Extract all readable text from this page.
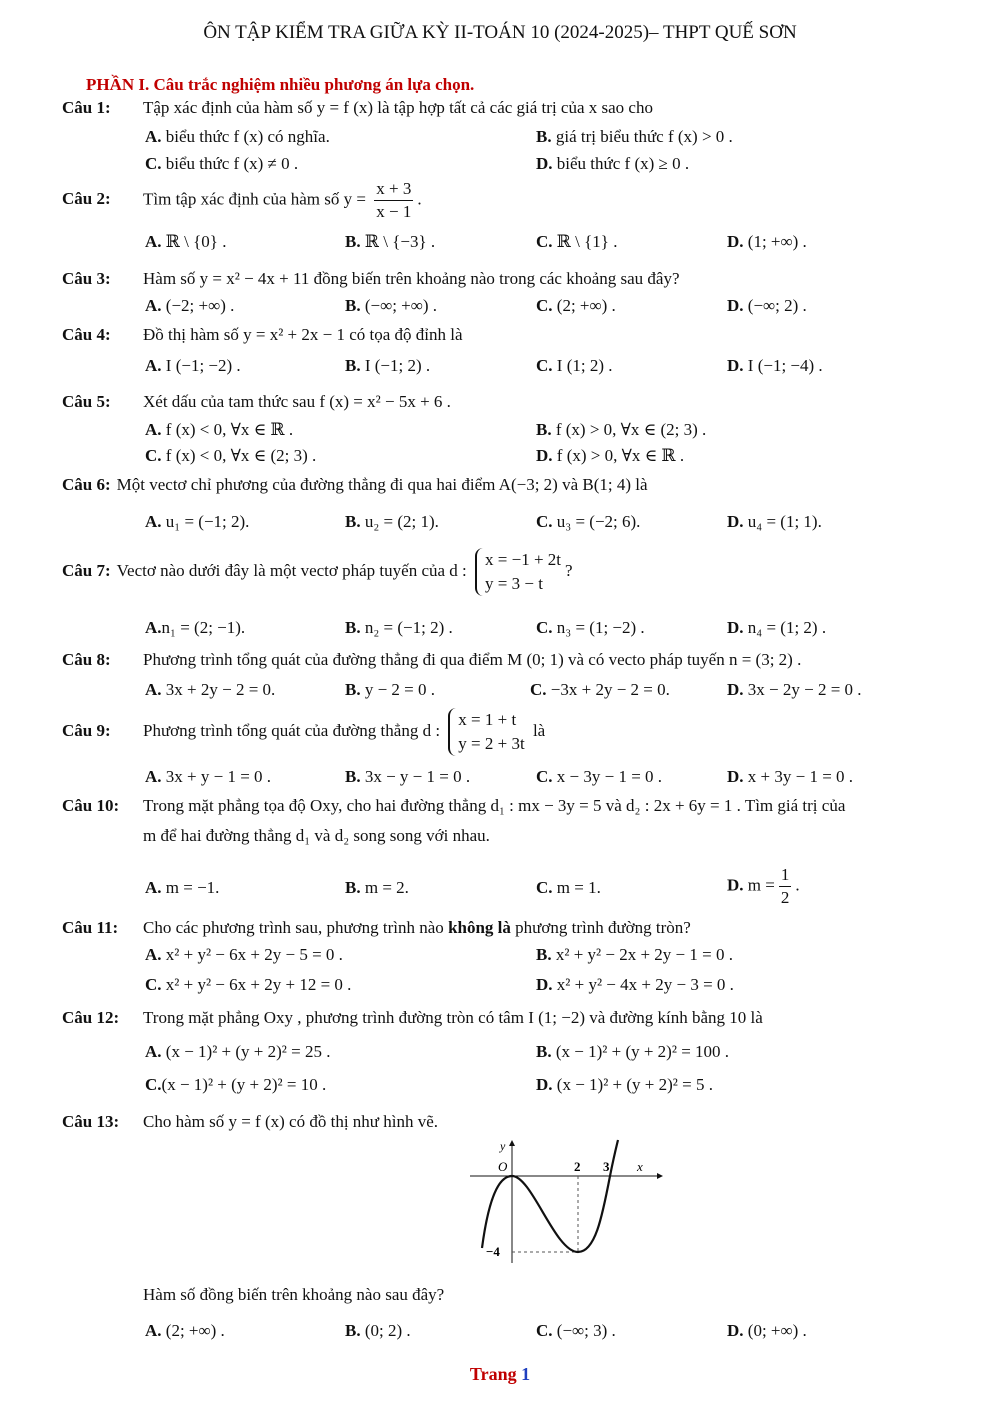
ÔN TẬP KIỂM TRA GIỮA KỲ II-TOÁN 10 (2024-2025)– THPT QUẾ SƠN
PHẦN I. Câu trắc nghiệm nhiều phương án lựa chọn.
Câu 1: Tập xác định của hàm số y = f (x) là tập hợp tất cả các giá trị của x sao cho
A. biểu thức f (x) có nghĩa.	B. giá trị biểu thức f (x) > 0 .
C. biểu thức f (x) ≠ 0 .	D. biểu thức f (x) ≥ 0 .
Câu 2: Tìm tập xác định của hàm số $y = \frac{x + 3}{x - 1}$ .
A. ℝ \ {0} .	B. ℝ \ {−3} .	C. ℝ \ {1} .	D. (1; +∞) .
Câu 3: Hàm số y = x² − 4x + 11 đồng biến trên khoảng nào trong các khoảng sau đây?
A. (−2; +∞) .	B. (−∞; +∞) .	C. (2; +∞) .	D. (−∞; 2) .
Câu 4: Đồ thị hàm số y = x² + 2x − 1 có tọa độ đỉnh là
A. I (−1; −2) .	B. I (−1; 2) .	C. I (1; 2) .	D. I (−1; −4) .
Câu 5: Xét dấu của tam thức sau f (x) = x² − 5x + 6 .
A. f (x) < 0, ∀x ∈ ℝ .	B. f (x) > 0, ∀x ∈ (2; 3) .
C. f (x) < 0, ∀x ∈ (2; 3) .	D. f (x) > 0, ∀x ∈ ℝ .
Câu 6: Một vectơ chỉ phương của đường thẳng đi qua hai điểm A(−3; 2) và B(1; 4) là
A. u₁ = (−1; 2).	B. u₂ = (2; 1).	C. u₃ = (−2; 6).	D. u₄ = (1; 1).
Câu 7: Vectơ nào dưới đây là một vectơ pháp tuyến của d :
x = −1 + 2t
y = 3 − t
?
A.n₁ = (2; −1).	B. n₂ = (−1; 2) .	C. n₃ = (1; −2) .	D. n₄ = (1; 2) .
Câu 8: Phương trình tổng quát của đường thẳng đi qua điểm M (0; 1) và có vecto pháp tuyến n = (3; 2) .
A. 3x + 2y − 2 = 0.	B. y − 2 = 0 .	C. −3x + 2y − 2 = 0.	D. 3x − 2y − 2 = 0 .
Câu 9: Phương trình tổng quát của đường thẳng d :
x = 1 + t
y = 2 + 3t
là
A. 3x + y − 1 = 0 .	B. 3x − y − 1 = 0 .	C. x − 3y − 1 = 0 .	D. x + 3y − 1 = 0 .
Câu 10: Trong mặt phẳng tọa độ Oxy, cho hai đường thẳng d₁ : mx − 3y = 5 và d₂ : 2x + 6y = 1 . Tìm giá trị của
m để hai đường thẳng d₁ và d₂ song song với nhau.
A. m = −1.	B. m = 2.	C. m = 1.	D. $m = \frac{1}{2}$ .
Câu 11: Cho các phương trình sau, phương trình nào không là phương trình đường tròn?
A. x² + y² − 6x + 2y − 5 = 0 .	B. x² + y² − 2x + 2y − 1 = 0 .
C. x² + y² − 6x + 2y + 12 = 0 .	D. x² + y² − 4x + 2y − 3 = 0 .
Câu 12: Trong mặt phẳng Oxy , phương trình đường tròn có tâm I (1; −2) và đường kính bằng 10 là
A. (x − 1)² + (y + 2)² = 25 .	B. (x − 1)² + (y + 2)² = 100 .
C.(x − 1)² + (y + 2)² = 10 .	D. (x − 1)² + (y + 2)² = 5 .
Câu 13: Cho hàm số y = f (x) có đồ thị như hình vẽ.
y
O	2 3 x
−4
Hàm số đồng biến trên khoảng nào sau đây?
A. (2; +∞) .	B. (0; 2) .	C. (−∞; 3) .	D. (0; +∞) .
Trang 1
